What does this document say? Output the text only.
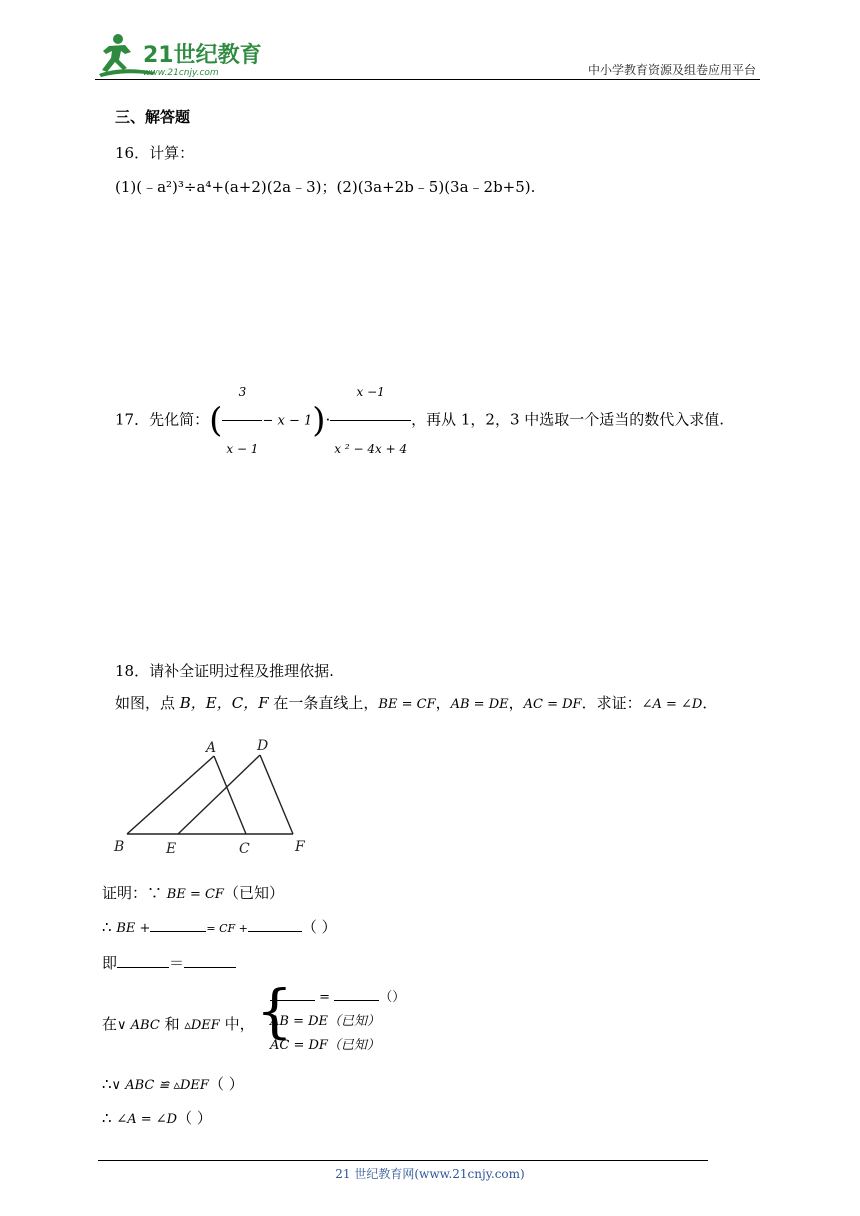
21世纪教育
www.21cnjy.com	中小学教育资源及组卷应用平台
三、解答题
16．计算：
(1)(﹣a²)³÷a⁴+(a+2)(2a﹣3)；(2)(3a+2b﹣5)(3a﹣2b+5).
17．先化简：( $\frac{3}{x - 1} - x - 1)\cdot \frac{x -1}{\text{x ² − 4x + 4}}$ ，再从 1，2，3 中选取一个适当的数代入求值.
18．请补全证明过程及推理依据.
如图，点 B，E，C，F 在一条直线上，BE = CF，AB = DE，AC = DF．求证：∠A = ∠D．
A	D
B	E	C	F
证明：∵ BE = CF（已知）
∴ BE +	= CF +	（ ）
即	＝
在∨ ABC 和 ▵DEF 中， {	=	（）
AB = DE（已知）
AC = DF（已知）
∴∨ ABC ≌ ▵DEF（ ）
∴ ∠A = ∠D（ ）
21 世纪教育网(www.21cnjy.com)
